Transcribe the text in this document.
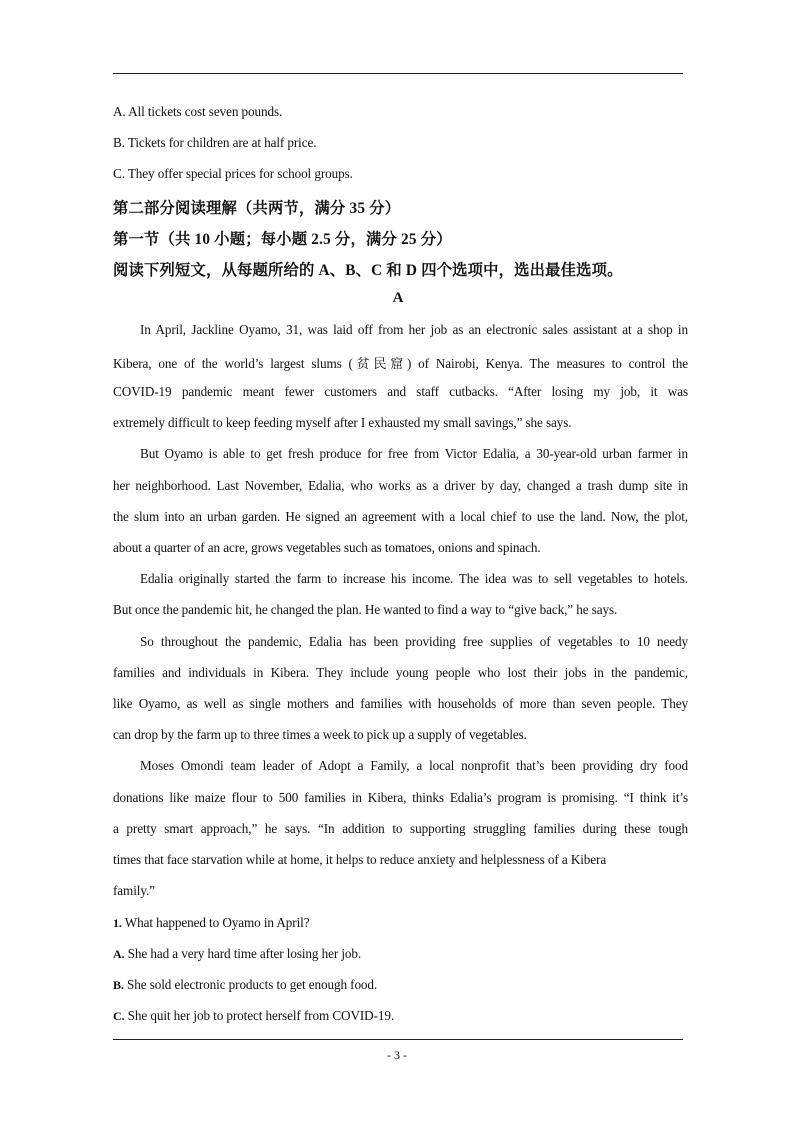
A. All tickets cost seven pounds.
B. Tickets for children are at half price.
C. They offer special prices for school groups.
第二部分阅读理解（共两节，满分 35 分）
第一节（共 10 小题；每小题 2.5 分，满分 25 分）
阅读下列短文，从每题所给的 A、B、C 和 D 四个选项中，选出最佳选项。
A
In April, Jackline Oyamo, 31, was laid off from her job as an electronic sales assistant at a shop in
Kibera, one of the world’s largest slums (贫民窟) of Nairobi, Kenya. The measures to control the
COVID-19 pandemic meant fewer customers and staff cutbacks. “After losing my job, it was
extremely difficult to keep feeding myself after I exhausted my small savings,” she says.
But Oyamo is able to get fresh produce for free from Victor Edalia, a 30-year-old urban farmer in
her neighborhood. Last November, Edalia, who works as a driver by day, changed a trash dump site in
the slum into an urban garden. He signed an agreement with a local chief to use the land. Now, the plot,
about a quarter of an acre, grows vegetables such as tomatoes, onions and spinach.
Edalia originally started the farm to increase his income. The idea was to sell vegetables to hotels.
But once the pandemic hit, he changed the plan. He wanted to find a way to “give back,” he says.
So throughout the pandemic, Edalia has been providing free supplies of vegetables to 10 needy
families and individuals in Kibera. They include young people who lost their jobs in the pandemic,
like Oyamo, as well as single mothers and families with households of more than seven people. They
can drop by the farm up to three times a week to pick up a supply of vegetables.
Moses Omondi team leader of Adopt a Family, a local nonprofit that’s been providing dry food
donations like maize flour to 500 families in Kibera, thinks Edalia’s program is promising. “I think it’s
a pretty smart approach,” he says. “In addition to supporting struggling families during these tough
times that face starvation while at home, it helps to reduce anxiety and helplessness of a Kibera
family.”
1. What happened to Oyamo in April?
A. She had a very hard time after losing her job.
B. She sold electronic products to get enough food.
C. She quit her job to protect herself from COVID-19.
- 3 -
